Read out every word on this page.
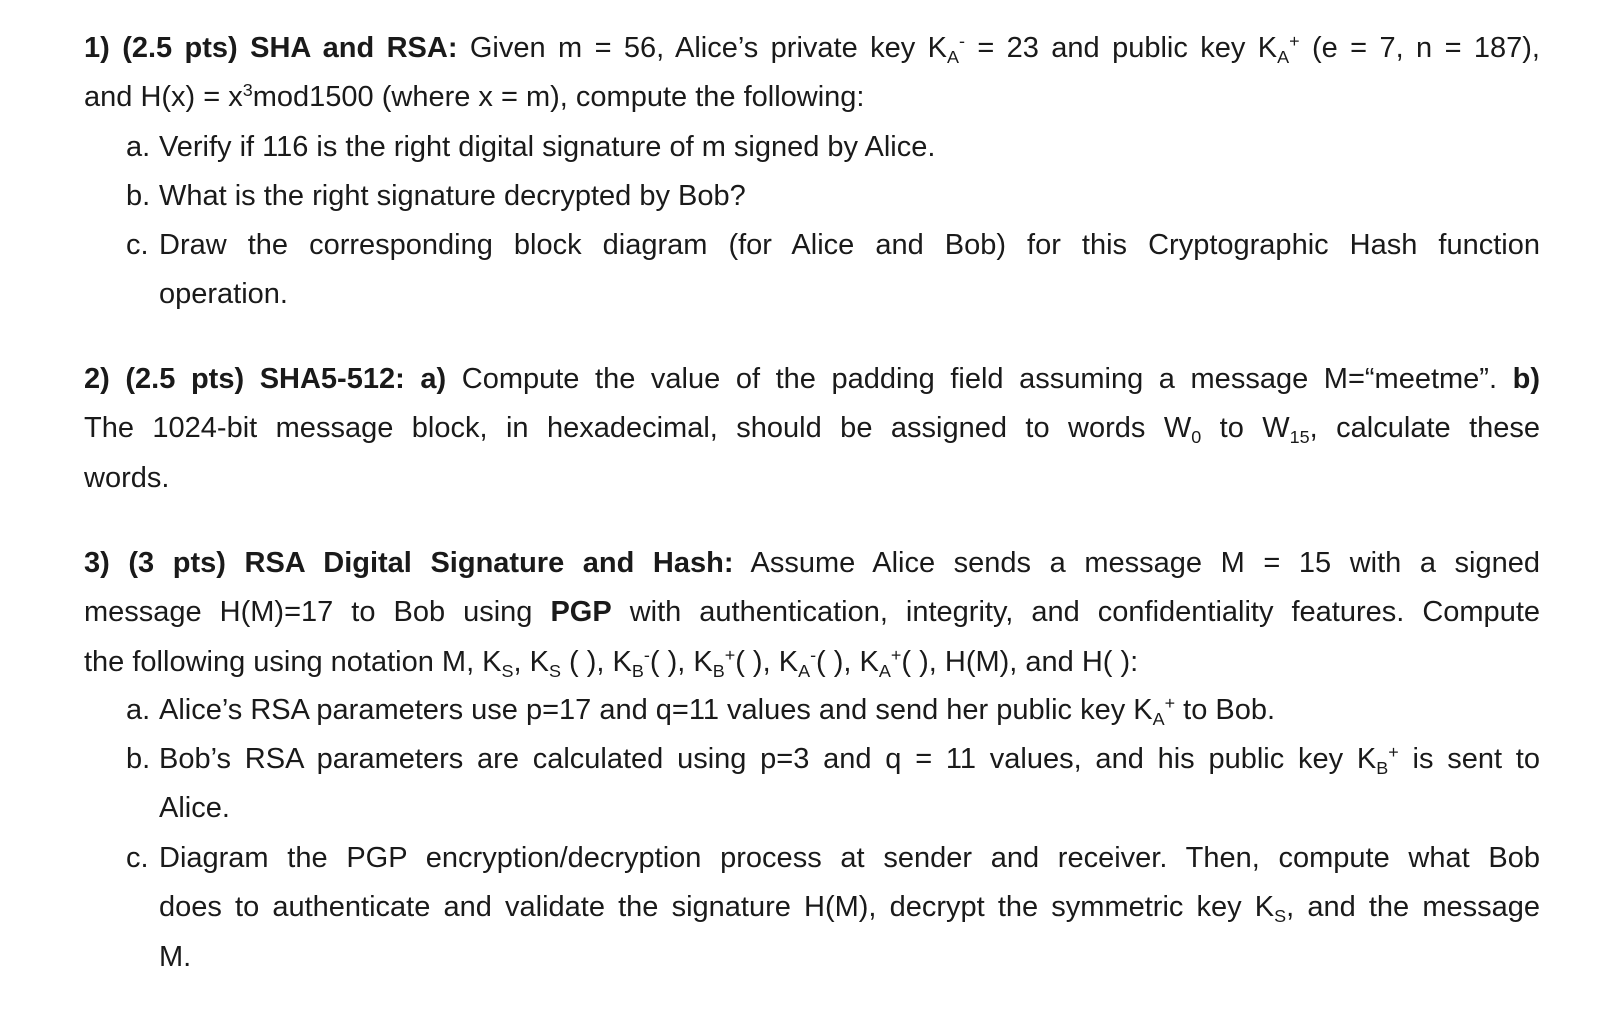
1) (2.5 pts) SHA and RSA: Given m = 56, Alice’s private key $K_A^- = 23$ and public key $K_A^+$ (e = 7, n = 187),
and $H(x) = x^3mod1500$ (where x = m), compute the following:

a. Verify if 116 is the right digital signature of m signed by Alice.

b. What is the right signature decrypted by Bob?

c. Draw the corresponding block diagram (for Alice and Bob) for this Cryptographic Hash function
operation.

2) (2.5 pts) SHA5-512: a) Compute the value of the padding field assuming a message M=“meetme”. b)
The 1024-bit message block, in hexadecimal, should be assigned to words $W_0$ to $W_{15}$, calculate these
words.

3) (3 pts) RSA Digital Signature and Hash: Assume Alice sends a message M = 15 with a signed
message H(M)=17 to Bob using PGP with authentication, integrity, and confidentiality features. Compute
the following using notation M, $K_S$, $K_S$ ( ), $K_B^-$( ), $K_B^+$( ), $K_A^-$( ), $K_A^+$( ), H(M), and H( ):

a. Alice’s RSA parameters use p=17 and q=11 values and send her public key $K_A^+$ to Bob.

b. Bob’s RSA parameters are calculated using p=3 and q = 11 values, and his public key $K_B^+$ is sent to
Alice.
c. Diagram the PGP encryption/decryption process at sender and receiver. Then, compute what Bob
does to authenticate and validate the signature H(M), decrypt the symmetric key $K_S$, and the message
M.
